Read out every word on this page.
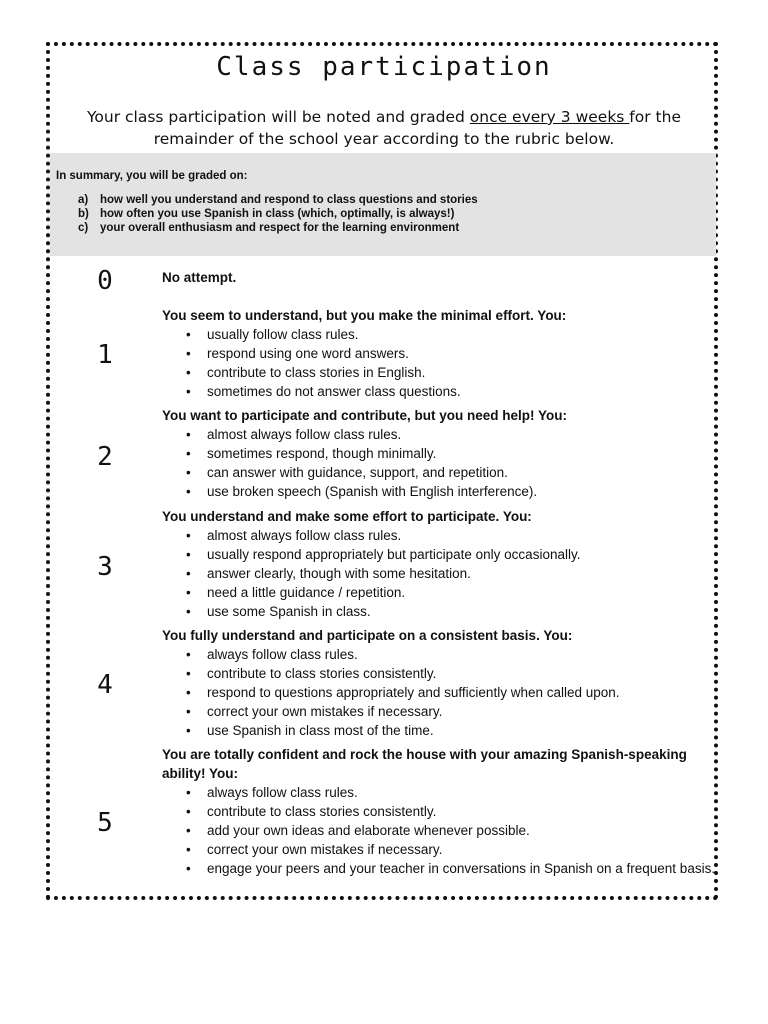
Class participation
Your class participation will be noted and graded once every 3 weeks for the remainder of the school year according to the rubric below.
In summary, you will be graded on:
a) how well you understand and respond to class questions and stories
b) how often you use Spanish in class (which, optimally, is always!)
c) your overall enthusiasm and respect for the learning environment
0	No attempt.
1
You seem to understand, but you make the minimal effort. You:
• usually follow class rules.
• respond using one word answers.
• contribute to class stories in English.
• sometimes do not answer class questions.
2
You want to participate and contribute, but you need help! You:
• almost always follow class rules.
• sometimes respond, though minimally.
• can answer with guidance, support, and repetition.
• use broken speech (Spanish with English interference).
3
You understand and make some effort to participate. You:
• almost always follow class rules.
• usually respond appropriately but participate only occasionally.
• answer clearly, though with some hesitation.
• need a little guidance / repetition.
• use some Spanish in class.
4
You fully understand and participate on a consistent basis. You:
• always follow class rules.
• contribute to class stories consistently.
• respond to questions appropriately and sufficiently when called upon.
• correct your own mistakes if necessary.
• use Spanish in class most of the time.
5
You are totally confident and rock the house with your amazing Spanish-speaking ability! You:
• always follow class rules.
• contribute to class stories consistently.
• add your own ideas and elaborate whenever possible.
• correct your own mistakes if necessary.
• engage your peers and your teacher in conversations in Spanish on a frequent basis.
